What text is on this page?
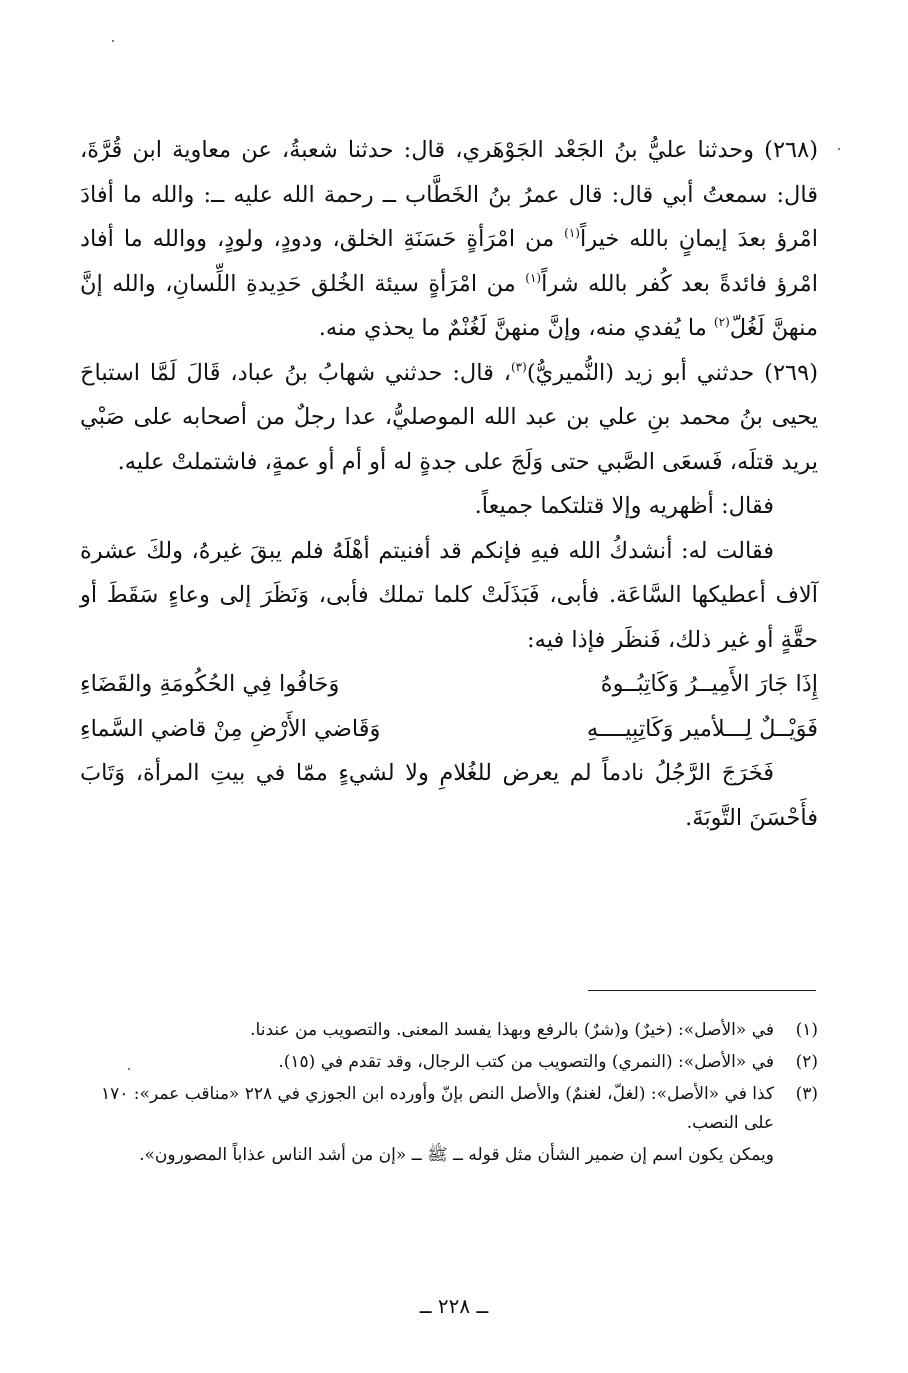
(٢٦٨) وحدثنا عليُّ بنُ الجَعْد الجَوْهَري، قال: حدثنا شعبةُ، عن معاوية ابن قُرَّةَ، قال: سمعتُ أبي قال: قال عمرُ بنُ الخَطَّاب ــ رحمة الله عليه ــ: والله ما أفادَ امْرؤ بعدَ إيمانٍ بالله خيراً$^{(١)}$ من امْرَأةٍ حَسَنَةِ الخلق، ودودٍ، ولودٍ، ووالله ما أفاد امْرؤ فائدةً بعد كُفر بالله شراً$^{(١)}$ من امْرَأةٍ سيئة الخُلق حَدِيدةِ اللِّسانِ، والله إنَّ منهنَّ لَغُلّ$^{(٢)}$ ما يُفدي منه، وإنَّ منهنَّ لَغُنْمٌ ما يحذي منه.

(٢٦٩) حدثني أبو زيد (النُّميريُّ)$^{(٣)}$، قال: حدثني شهابُ بنُ عباد، قَالَ لَمَّا استباحَ يحيى بنُ محمد بنِ علي بن عبد الله الموصليُّ، عدا رجلٌ من أصحابه على صَبْي يريد قتلَه، فَسعَى الصَّبي حتى وَلَجَ على جدةٍ له أو أم أو عمةٍ، فاشتملتْ عليه.

فقال: أظهريه وإلا قتلتكما جميعاً.

فقالت له: أنشدكُ الله فيهِ فإنكم قد أفنيتم أهْلَهُ فلم يبقَ غيرهُ، ولكَ عشرة آلاف أعطيكها السَّاعَة. فأبى، فَبَذَلَتْ كلما تملك فأبى، وَنَظَرَ إلى وعاءٍ سَقَطَ أو حقَّةٍ أو غير ذلك، فَنظَر فإذا فيه:

إِذَا جَارَ الأَمِيــرُ وَكَاتِبُــوهُ
وَحَافُوا فِي الحُكُومَةِ والقَضَاءِ
فَوَيْــلٌ لِـــلأمير وَكَاتِبِيــــهِ
وَقَاضي الأَرْضِ مِنْ قاضي السَّماءِ

فَخَرَجَ الرَّجُلُ نادماً لم يعرض للغُلامِ ولا لشيءٍ ممّا في بيتِ المرأة، وَتَابَ فأَحْسَنَ التَّوبَةَ.

(١)
في «الأصل»: (خيرٌ) و(شرٌ) بالرفع وبهذا يفسد المعنى. والتصويب من عندنا.
(٢)
في «الأصل»: (النمري) والتصويب من كتب الرجال، وقد تقدم في (١٥).
(٣)
كذا في «الأصل»: (لغلّ، لغنمٌ) والأصل النص بإنّ وأورده ابن الجوزي في ٢٢٨ «مناقب عمر»: ١٧٠ على النصب.

ويمكن يكون اسم إن ضمير الشأن مثل قوله ــ ﷺ ــ «إن من أشد الناس عذاباً المصورون».

ــ ٢٢٨ ــ
